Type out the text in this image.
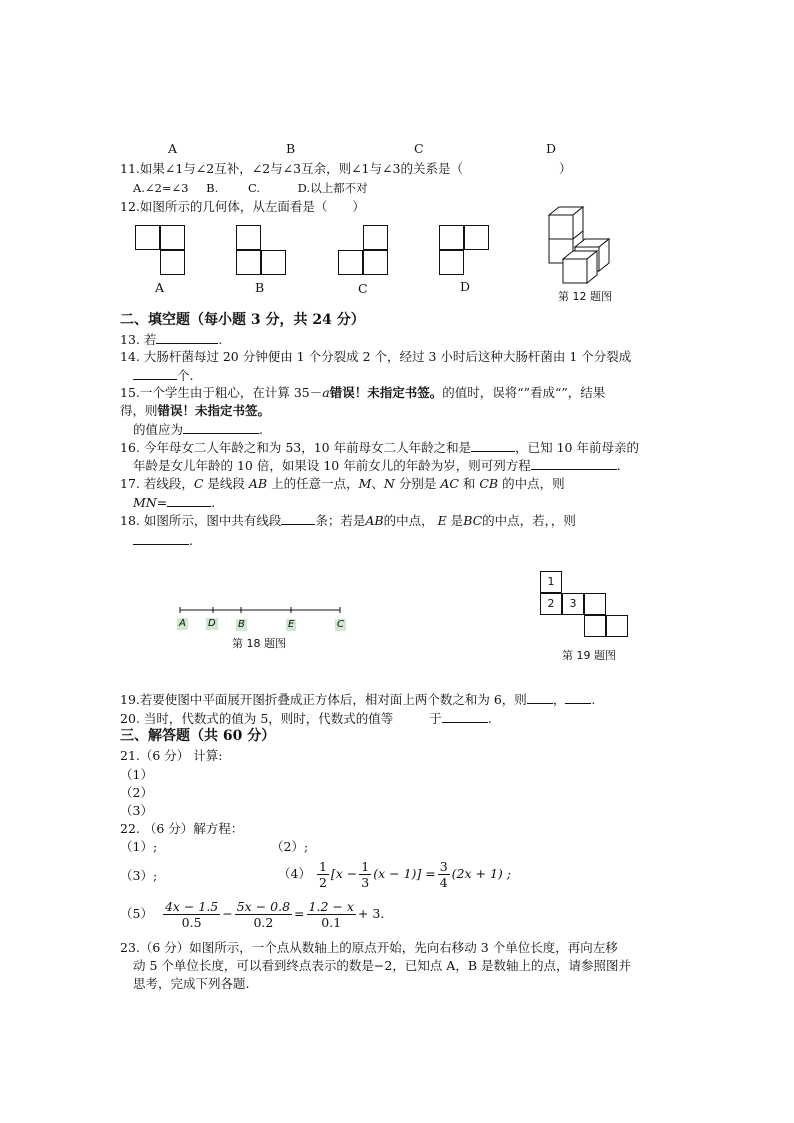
A	B	C	D
11.如果∠1与∠2互补，∠2与∠3互余，则∠1与∠3的关系是（	）
A.∠2=∠3 B.	C.	D.以上都不对
12.如图所示的几何体，从左面看是（　　）
A	B	C	D
第 12 题图
二、填空题（每小题 3 分，共 24 分）
13. 若	.
14. 大肠杆菌每过 20 分钟便由 1 个分裂成 2 个，经过 3 小时后这种大肠杆菌由 1 个分裂成
个.
15.一个学生由于粗心，在计算 35－a错误！未指定书签。的值时，误将“”看成“”，结果
得，则错误！未指定书签。
的值应为	.
16. 今年母女二人年龄之和为 53，10 年前母女二人年龄之和是	，已知 10 年前母亲的
年龄是女儿年龄的 10 倍，如果设 10 年前女儿的年龄为岁，则可列方程	.
17. 若线段，C 是线段 AB 上的任意一点，M、N 分别是 AC 和 CB 的中点，则
MN=	.
18. 如图所示，图中共有线段	条；若是AB的中点， E 是BC的中点，若，，则
.
A D B	E	C
第 18 题图
1
2	3
第 19 题图
19.若要使图中平面展开图折叠成正方体后，相对面上两个数之和为 6，则 ， .
20. 当时，代数式的值为 5，则时，代数式的值等	于	.
三、解答题（共 60 分）
21.（6 分） 计算:
（1）
（2）
（3）
22. （6 分）解方程：
（1）;	（2）;
（3）;	$(4) \frac{1}{2} [x - \frac{1}{3} (x - 1)] = \frac{3}{4} (2x + 1)$ ;
$(5) \frac{4x - 1.5}{0.5} - \frac{5x - 0.8}{0.2} = \frac{1.2 - x}{0.1} + 3$.
23.（6 分）如图所示，一个点从数轴上的原点开始，先向右移动 3 个单位长度，再向左移
动 5 个单位长度，可以看到终点表示的数是−2，已知点 A，B 是数轴上的点，请参照图并
思考，完成下列各题.
